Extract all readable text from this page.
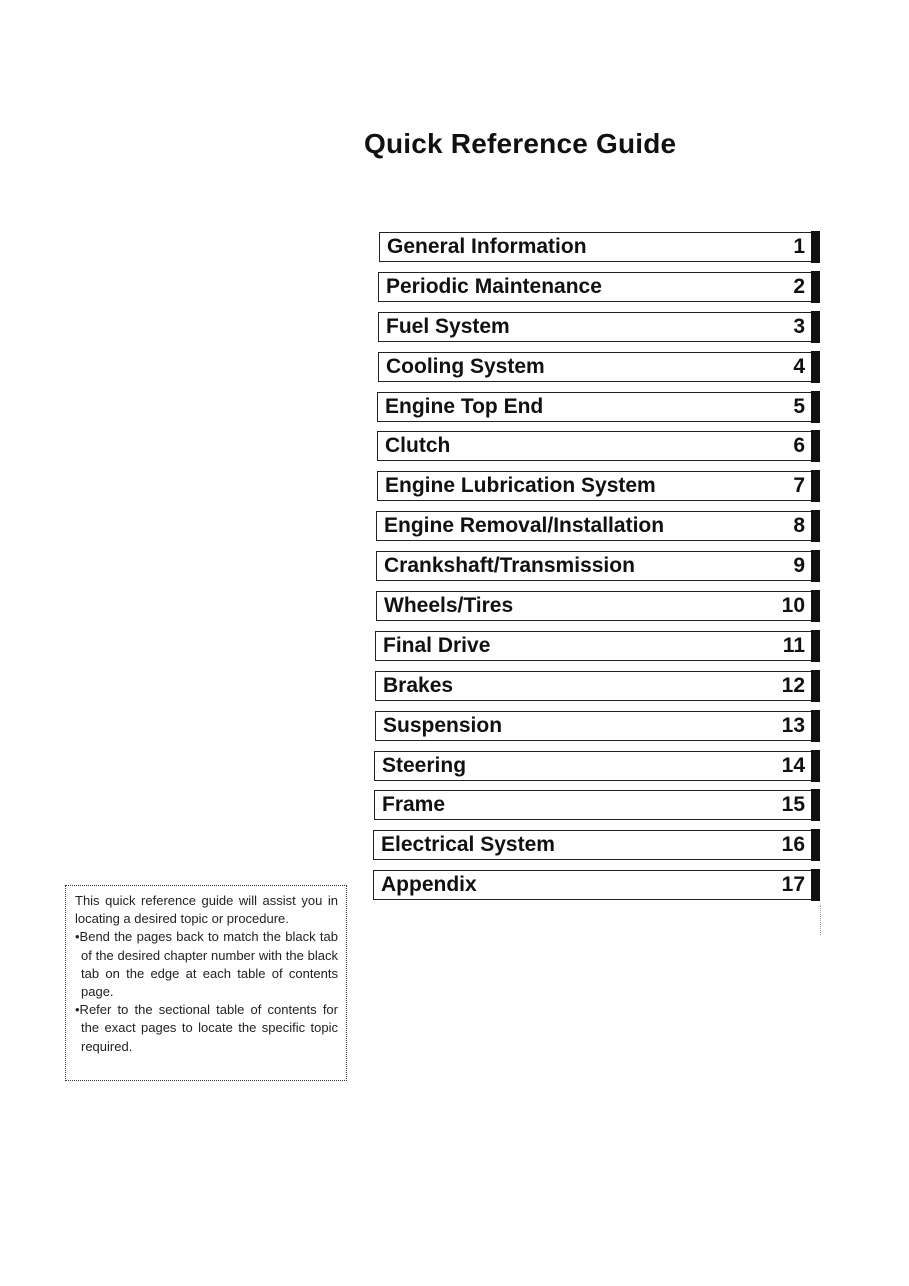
Quick Reference Guide
General Information	1
Periodic Maintenance	2
Fuel System	3
Cooling System	4
Engine Top End	5
Clutch	6
Engine Lubrication System	7
Engine Removal/Installation	8
Crankshaft/Transmission	9
Wheels/Tires	10
Final Drive	11
Brakes	12
Suspension	13
Steering	14
Frame	15
Electrical System	16
Appendix	17

This quick reference guide will assist you in locating a desired topic or procedure.

•Bend the pages back to match the black tab of the desired chapter number with the black tab on the edge at each table of contents page.

•Refer to the sectional table of contents for the exact pages to locate the specific topic required.
